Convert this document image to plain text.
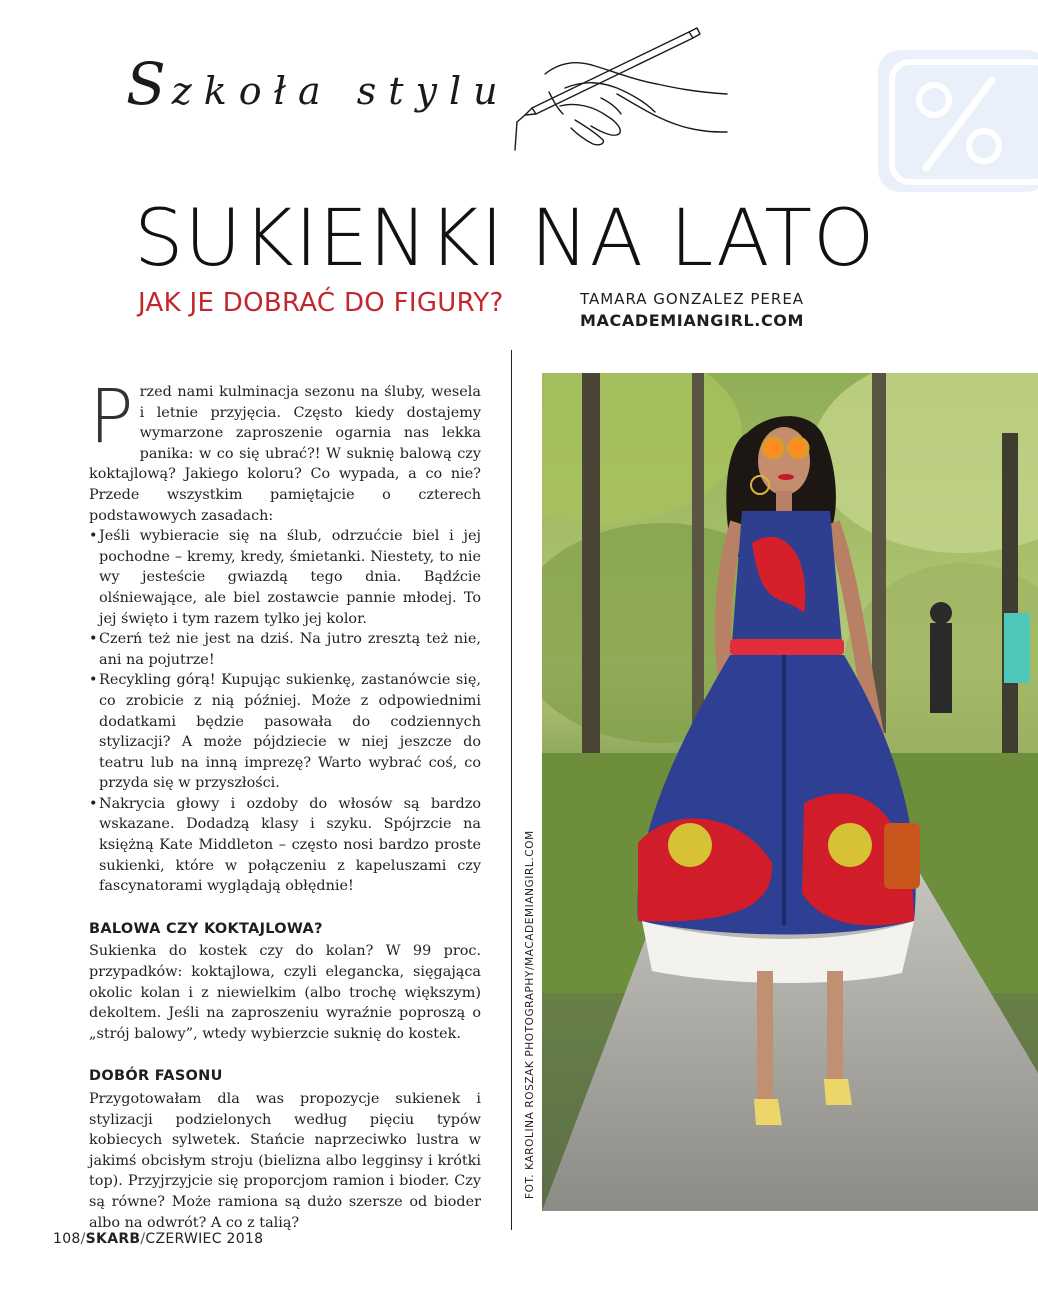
Szkoła stylu
SUKIENKI NA LATO
JAK JE DOBRAĆ DO FIGURY?	TAMARA GONZALEZ PEREA
MACADEMIANGIRL.COM

Przed nami kulminacja sezonu na śluby, wesela i letnie przyjęcia. Często kiedy dostajemy wymarzone zaproszenie ogarnia nas lekka panika: w co się ubrać?! W suknię balową czy koktajlową? Jakiego koloru? Co wypada, a co nie? Przede wszystkim pamiętajcie o czterech podstawowych zasadach:

• Jeśli wybieracie się na ślub, odrzućcie biel i jej pochodne – kremy, kredy, śmietanki. Niestety, to nie wy jesteście gwiazdą tego dnia. Bądźcie olśniewające, ale biel zostawcie pannie młodej. To jej święto i tym razem tylko jej kolor.
• Czerń też nie jest na dziś. Na jutro zresztą też nie, ani na pojutrze!
• Recykling górą! Kupując sukienkę, zastanówcie się, co zrobicie z nią później. Może z odpowiednimi dodatkami będzie pasowała do codziennych stylizacji? A może pójdziecie w niej jeszcze do teatru lub na inną imprezę? Warto wybrać coś, co przyda się w przyszłości.
• Nakrycia głowy i ozdoby do włosów są bardzo wskazane. Dodadzą klasy i szyku. Spójrzcie na księżną Kate Middleton – często nosi bardzo proste sukienki, które w połączeniu z kapeluszami czy fascynatorami wyglądają obłędnie!
BALOWA CZY KOKTAJLOWA?

Sukienka do kostek czy do kolan? W 99 proc. przypadków: koktajlowa, czyli elegancka, sięgająca okolic kolan i z niewielkim (albo trochę większym) dekoltem. Jeśli na zaproszeniu wyraźnie poproszą o „strój balowy”, wtedy wybierzcie suknię do kostek.

DOBÓR FASONU

Przygotowałam dla was propozycje sukienek i stylizacji podzielonych według pięciu typów kobiecych sylwetek. Stańcie naprzeciwko lustra w jakimś obcisłym stroju (bielizna albo legginsy i krótki top). Przyjrzyjcie się proporcjom ramion i bioder. Czy są równe? Może ramiona są dużo szersze od bioder albo na odwrót? A co z talią?

FOT. KAROLINA ROSZAK PHOTOGRAPHY/MACADEMIANGIRL.COM
108/SKARB/CZERWIEC 2018
